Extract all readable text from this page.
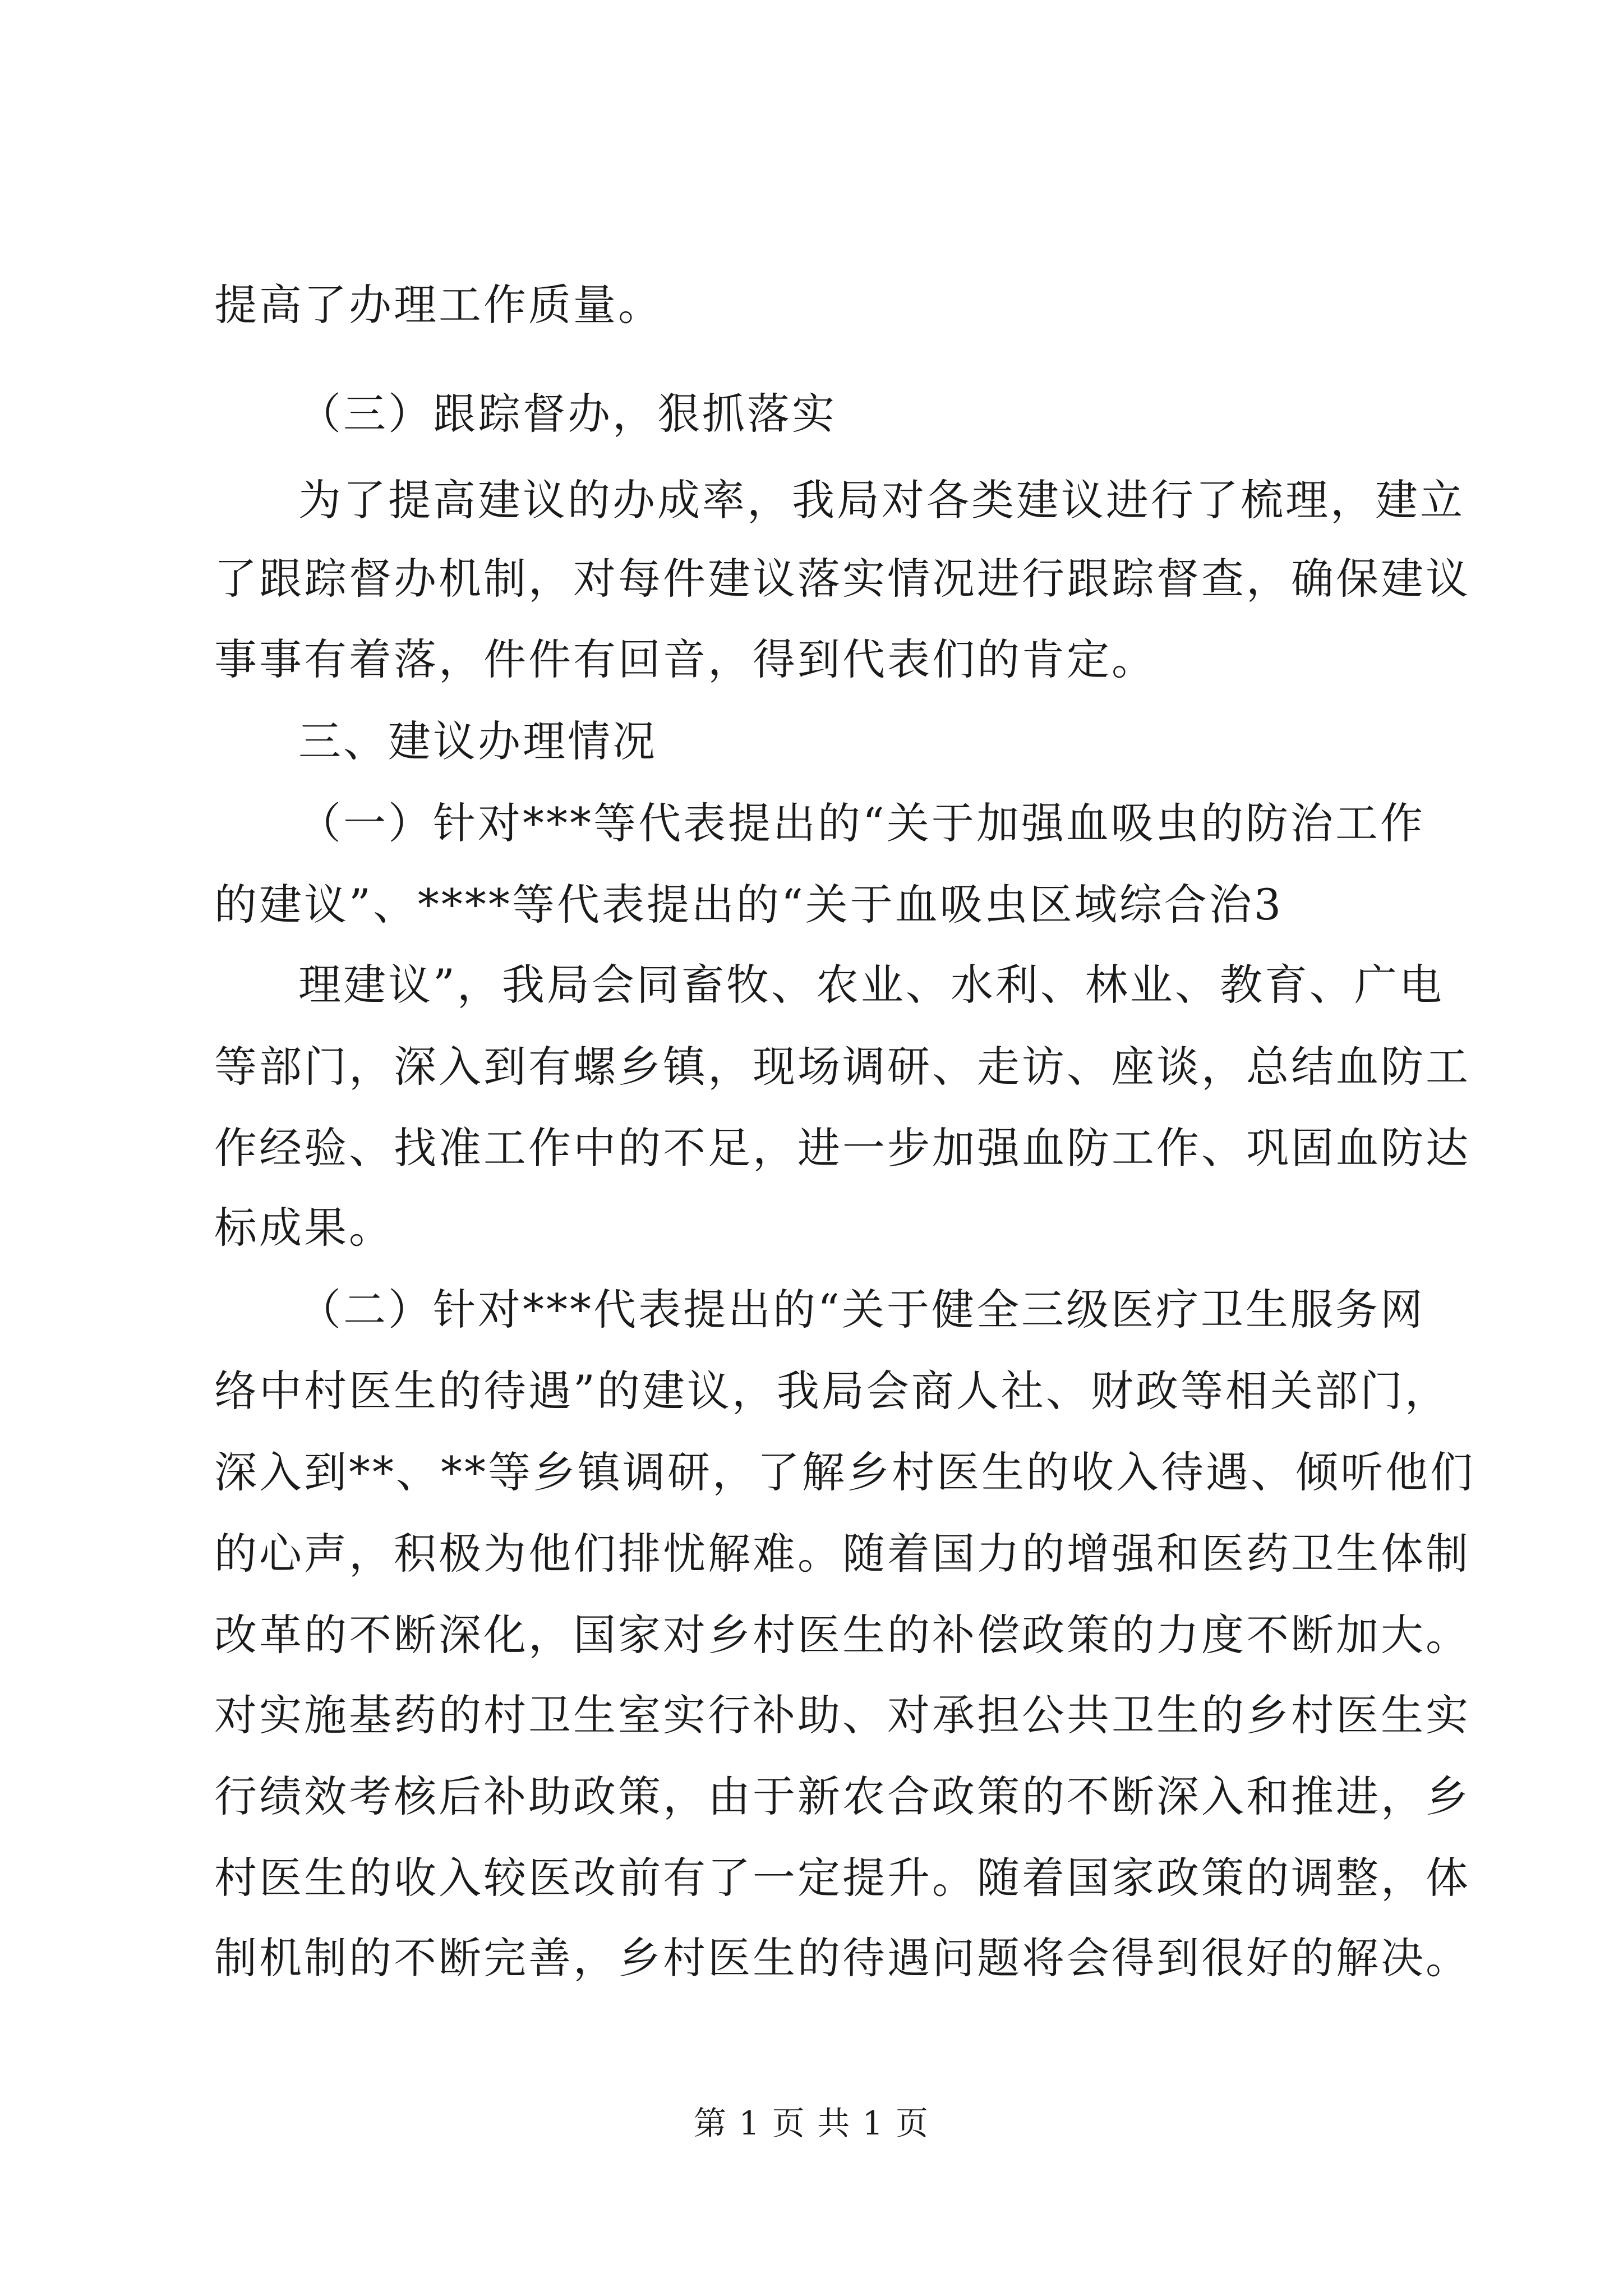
提高了办理工作质量。
（三）跟踪督办，狠抓落实
为了提高建议的办成率，我局对各类建议进行了梳理，建立
了跟踪督办机制，对每件建议落实情况进行跟踪督查，确保建议
事事有着落，件件有回音，得到代表们的肯定。
三、建议办理情况
（一）针对***等代表提出的“关于加强血吸虫的防治工作
的建议”、****等代表提出的“关于血吸虫区域综合治3
理建议”，我局会同畜牧、农业、水利、林业、教育、广电
等部门，深入到有螺乡镇，现场调研、走访、座谈，总结血防工
作经验、找准工作中的不足，进一步加强血防工作、巩固血防达
标成果。
（二）针对***代表提出的“关于健全三级医疗卫生服务网
络中村医生的待遇”的建议，我局会商人社、财政等相关部门，
深入到**、**等乡镇调研，了解乡村医生的收入待遇、倾听他们
的心声，积极为他们排忧解难。随着国力的增强和医药卫生体制
改革的不断深化，国家对乡村医生的补偿政策的力度不断加大。
对实施基药的村卫生室实行补助、对承担公共卫生的乡村医生实
行绩效考核后补助政策，由于新农合政策的不断深入和推进，乡
村医生的收入较医改前有了一定提升。随着国家政策的调整，体
制机制的不断完善，乡村医生的待遇问题将会得到很好的解决。
第 1 页 共 1 页
